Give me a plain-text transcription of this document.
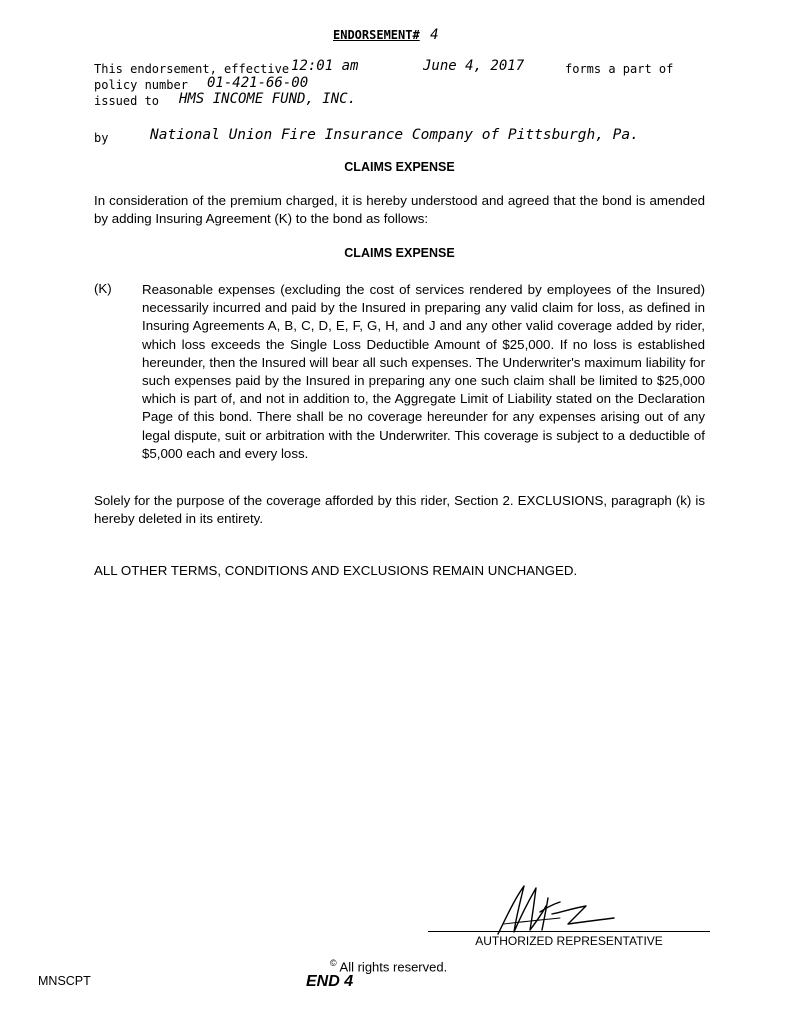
ENDORSEMENT# 4
This endorsement, effective 12:01 am	June 4, 2017	forms a part of
policy number 01-421-66-00
issued to HMS INCOME FUND, INC.
by	National Union Fire Insurance Company of Pittsburgh, Pa.
CLAIMS EXPENSE
In consideration of the premium charged, it is hereby understood and agreed that the bond is amended by adding Insuring Agreement (K) to the bond as follows:
CLAIMS EXPENSE
(K) Reasonable expenses (excluding the cost of services rendered by employees of the Insured) necessarily incurred and paid by the Insured in preparing any valid claim for loss, as defined in Insuring Agreements A, B, C, D, E, F, G, H, and J and any other valid coverage added by rider, which loss exceeds the Single Loss Deductible Amount of $25,000. If no loss is established hereunder, then the Insured will bear all such expenses. The Underwriter's maximum liability for such expenses paid by the Insured in preparing any one such claim shall be limited to $25,000 which is part of, and not in addition to, the Aggregate Limit of Liability stated on the Declaration Page of this bond. There shall be no coverage hereunder for any expenses arising out of any legal dispute, suit or arbitration with the Underwriter. This coverage is subject to a deductible of $5,000 each and every loss.
Solely for the purpose of the coverage afforded by this rider, Section 2. EXCLUSIONS, paragraph (k) is hereby deleted in its entirety.
ALL OTHER TERMS, CONDITIONS AND EXCLUSIONS REMAIN UNCHANGED.
AUTHORIZED REPRESENTATIVE
© All rights reserved.
MNSCPT	END 4
